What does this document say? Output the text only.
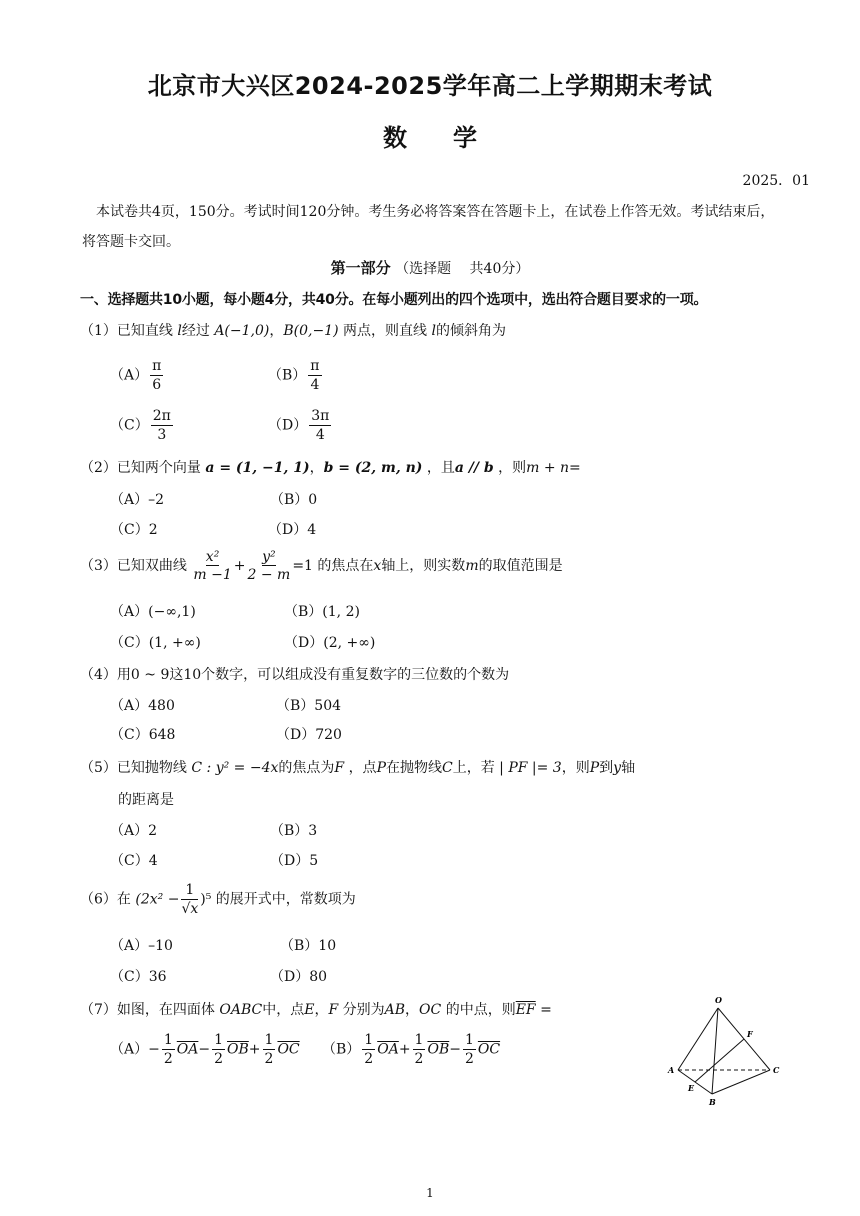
北京市大兴区2024-2025学年高二上学期期末考试
数学
2025．01
本试卷共4页，150分。考试时间120分钟。考生务必将答案答在答题卡上，在试卷上作答无效。考试结束后，将答题卡交回。
第一部分 （选择题　 共40分）
一、选择题共10小题，每小题4分，共40分。在每小题列出的四个选项中，选出符合题目要求的一项。
（1）已知直线 l经过 A(−1,0)，B(0,−1) 两点，则直线 l的倾斜角为
$(A) \frac{\pi}{6}$	$(B) \frac{\pi}{4}$
$(C) \frac{2\pi}{3}$	$(D) \frac{3\pi}{4}$
（2）已知两个向量 a = (1, −1, 1)，b = (2, m, n) ，且a // b ，则m + n=
（A）–2	（B）0
（C）2	（D）4
（3）已知双曲线 $\frac{\text{x²}}{m -1} + \frac{\text{y²}}{2 - m} =1$ 的焦点在x轴上，则实数m的取值范围是
（A）(−∞,1)	（B）(1, 2)
（C）(1, +∞)	（D）(2, +∞)
（4）用0 ~ 9这10个数字，可以组成没有重复数字的三位数的个数为
（A）480	（B）504
（C）648	（D）720
（5）已知抛物线 C : y² = −4x的焦点为F ，点P在抛物线C上，若 | PF |= 3，则P到y轴
的距离是
（A）2	（B）3
（C）4	（D）5
（6）在 $(2x^2 - \frac{1}{√x} )^5$ 的展开式中，常数项为
（A）–10	（B）10
（C）36	（D）80
（7）如图，在四面体 OABC中，点E，F 分别为AB，OC 的中点，则$\overline{EF}$ =
$(A)- \frac{1}{2} \overline{OA}- \frac{1}{2} \overline{OB}+ \frac{1}{2} \overline{OC}$ $(B) \frac{1}{2} \overline{OA}+ \frac{1}{2} \overline{OB}- \frac{1}{2} \overline{OC}$
O
A
B
C
E
F
1
